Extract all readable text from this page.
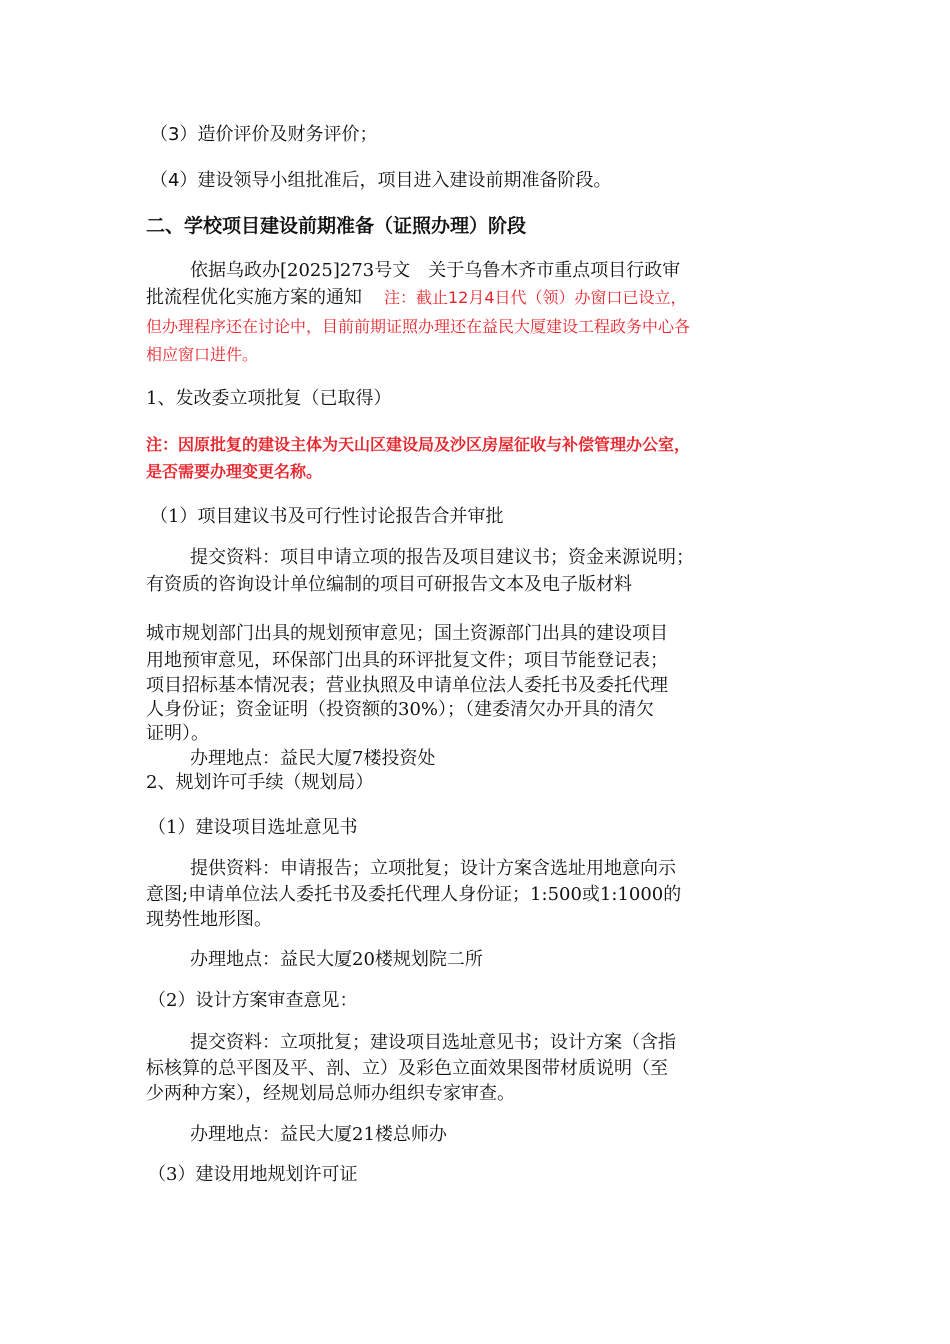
（3）造价评价及财务评价；
（4）建设领导小组批准后，项目进入建设前期准备阶段。
二、学校项目建设前期准备（证照办理）阶段
依据乌政办[2025]273号文　关于乌鲁木齐市重点项目行政审
批流程优化实施方案的通知 注：截止12月4日代（领）办窗口已设立，
但办理程序还在讨论中，目前前期证照办理还在益民大厦建设工程政务中心各
相应窗口进件。
1、发改委立项批复（已取得）
注：因原批复的建设主体为天山区建设局及沙区房屋征收与补偿管理办公室，
是否需要办理变更名称。
（1）项目建议书及可行性讨论报告合并审批
提交资料：项目申请立项的报告及项目建议书；资金来源说明；
有资质的咨询设计单位编制的项目可研报告文本及电子版材料
城市规划部门出具的规划预审意见；国土资源部门出具的建设项目
用地预审意见，环保部门出具的环评批复文件；项目节能登记表；
项目招标基本情况表；营业执照及申请单位法人委托书及委托代理
人身份证；资金证明（投资额的30%）；（建委清欠办开具的清欠
证明）。
办理地点：益民大厦7楼投资处
2、规划许可手续（规划局）
（1）建设项目选址意见书
提供资料：申请报告；立项批复；设计方案含选址用地意向示
意图;申请单位法人委托书及委托代理人身份证；1:500或1:1000的
现势性地形图。
办理地点：益民大厦20楼规划院二所
（2）设计方案审查意见：
提交资料：立项批复；建设项目选址意见书；设计方案（含指
标核算的总平图及平、剖、立）及彩色立面效果图带材质说明（至
少两种方案），经规划局总师办组织专家审查。
办理地点：益民大厦21楼总师办
（3）建设用地规划许可证
